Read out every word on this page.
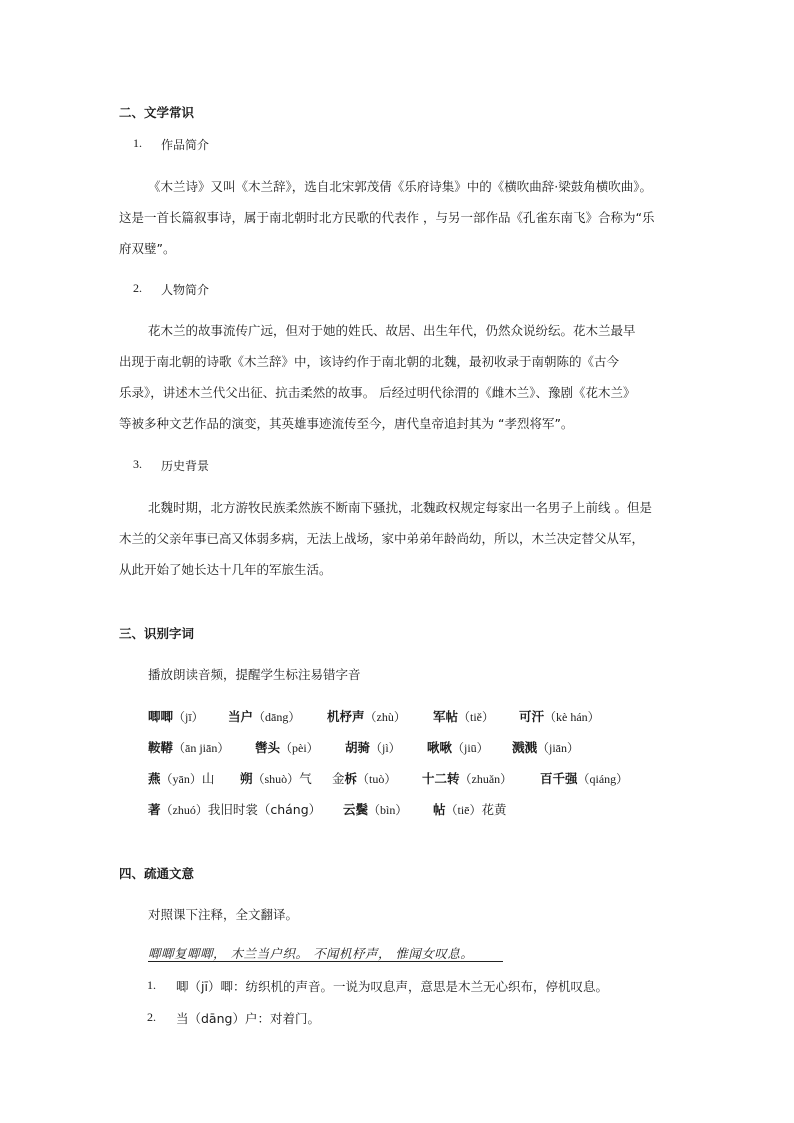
二、文学常识
1. 作品简介
《木兰诗》又叫《木兰辞》，选自北宋郭茂倩《乐府诗集》中的《横吹曲辞·梁鼓角横吹曲》。
这是一首长篇叙事诗，属于南北朝时北方民歌的代表作 ，与另一部作品《孔雀东南飞》合称为“乐
府双璧”。
2. 人物简介
花木兰的故事流传广远，但对于她的姓氏、故居、出生年代，仍然众说纷纭。花木兰最早
出现于南北朝的诗歌《木兰辞》中，该诗约作于南北朝的北魏，最初收录于南朝陈的《古今
乐录》，讲述木兰代父出征、抗击柔然的故事。 后经过明代徐渭的《雌木兰》、豫剧《花木兰》
等被多种文艺作品的演变，其英雄事迹流传至今，唐代皇帝追封其为 “孝烈将军”。
3. 历史背景
北魏时期，北方游牧民族柔然族不断南下骚扰，北魏政权规定每家出一名男子上前线 。但是
木兰的父亲年事已高又体弱多病，无法上战场，家中弟弟年龄尚幼，所以，木兰决定替父从军，
从此开始了她长达十几年的军旅生活。
三、识别字词
播放朗读音频，提醒学生标注易错字音
唧唧（jī） 当户（dāng） 机杼声（zhù） 军帖（tiě） 可汗（kè hán）
鞍鞯（ān jiān） 辔头（pèi） 胡骑（jì） 啾啾（jiū） 溅溅（jiān）
燕（yān）山 朔（shuò）气 金柝（tuò） 十二转（zhuǎn） 百千强（qiáng）
著（zhuó）我旧时裳（cháng） 云鬓（bìn） 帖（tiē）花黄
四、疏通文意
对照课下注释，全文翻译。
唧唧复唧唧， 木兰当户织。 不闻机杼声， 惟闻女叹息。
1. 唧（jī）唧：纺织机的声音。一说为叹息声，意思是木兰无心织布，停机叹息。
2. 当（dāng）户：对着门。
